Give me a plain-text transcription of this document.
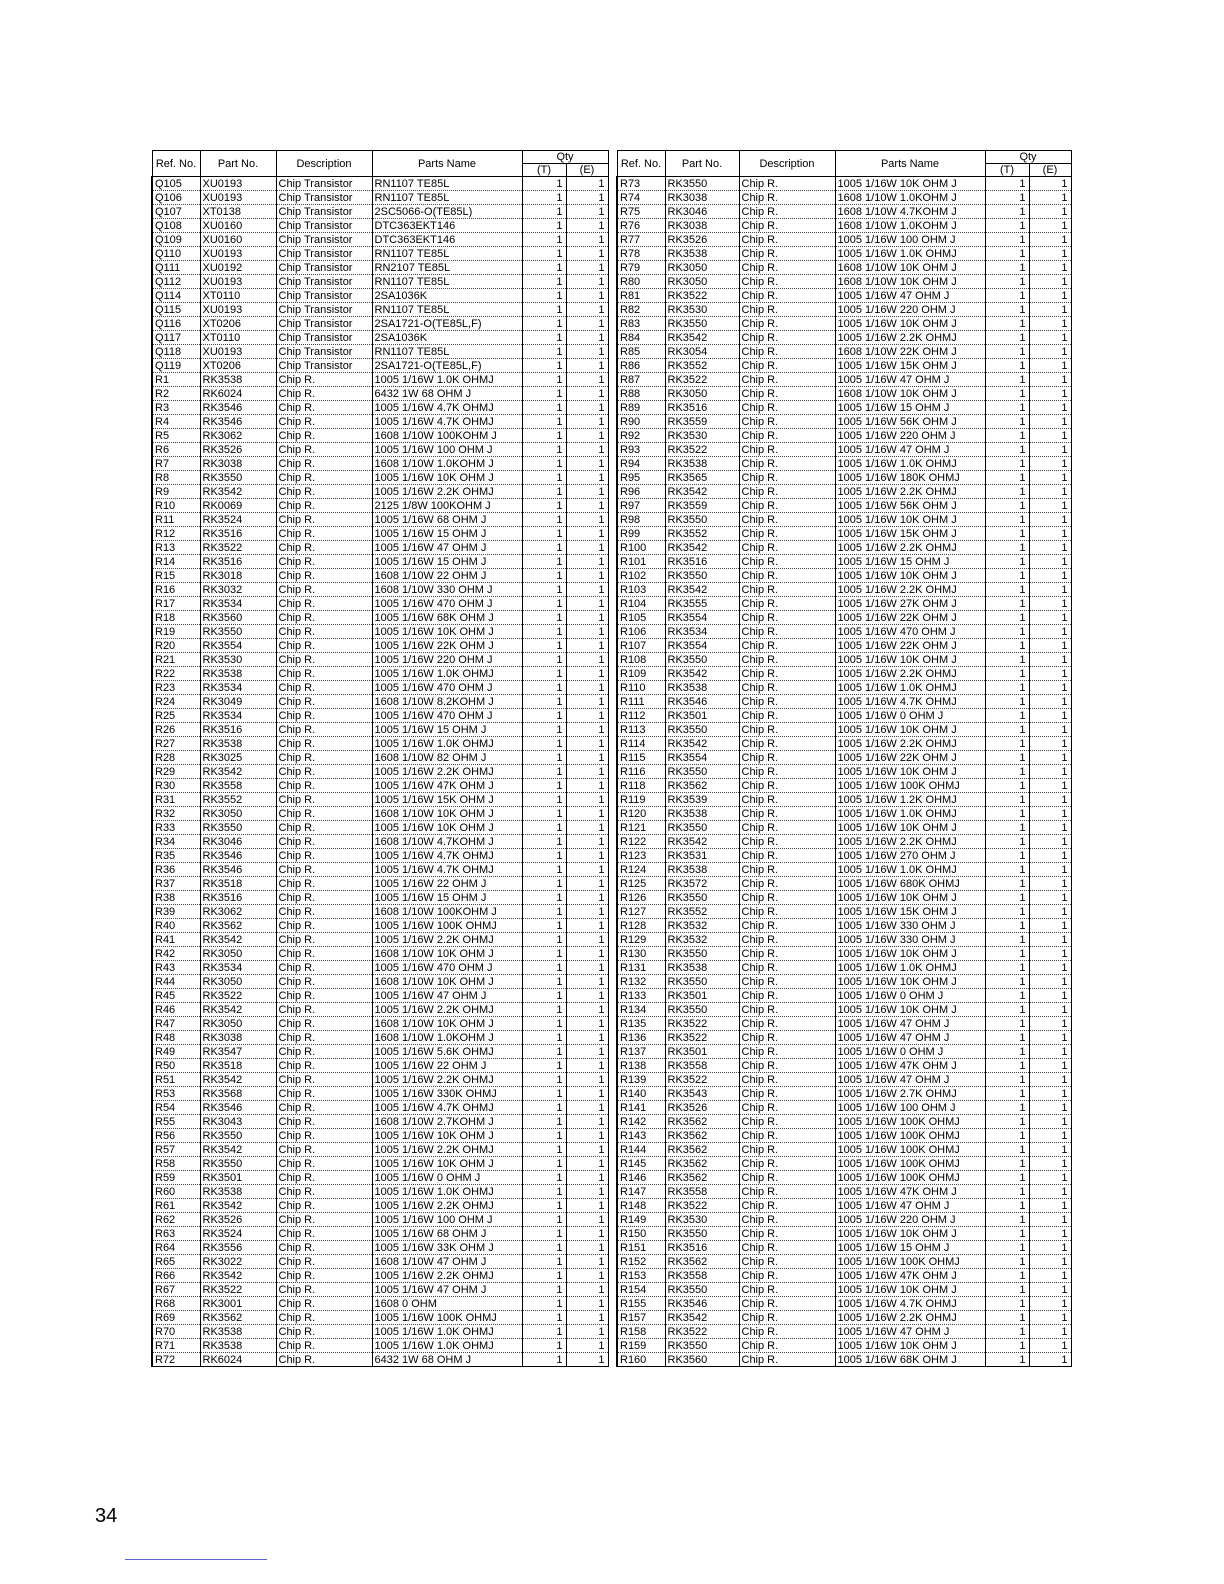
Ref. No.	Part No.	Description	Parts Name	Qty	
				(T)	(E)
Q105	XU0193	Chip Transistor	RN1107 TE85L	1	1
Q106	XU0193	Chip Transistor	RN1107 TE85L	1	1
Q107	XT0138	Chip Transistor	2SC5066-O(TE85L)	1	1
Q108	XU0160	Chip Transistor	DTC363EKT146	1	1
Q109	XU0160	Chip Transistor	DTC363EKT146	1	1
Q110	XU0193	Chip Transistor	RN1107 TE85L	1	1
Q111	XU0192	Chip Transistor	RN2107 TE85L	1	1
Q112	XU0193	Chip Transistor	RN1107 TE85L	1	1
Q114	XT0110	Chip Transistor	2SA1036K	1	1
Q115	XU0193	Chip Transistor	RN1107 TE85L	1	1
Q116	XT0206	Chip Transistor	2SA1721-O(TE85L,F)	1	1
Q117	XT0110	Chip Transistor	2SA1036K	1	1
Q118	XU0193	Chip Transistor	RN1107 TE85L	1	1
Q119	XT0206	Chip Transistor	2SA1721-O(TE85L,F)	1	1
R1	RK3538	Chip R.	1005 1/16W 1.0K OHMJ	1	1
R2	RK6024	Chip R.	6432 1W 68 OHM J	1	1
R3	RK3546	Chip R.	1005 1/16W 4.7K OHMJ	1	1
R4	RK3546	Chip R.	1005 1/16W 4.7K OHMJ	1	1
R5	RK3062	Chip R.	1608 1/10W 100KOHM J	1	1
R6	RK3526	Chip R.	1005 1/16W 100 OHM J	1	1
R7	RK3038	Chip R.	1608 1/10W 1.0KOHM J	1	1
R8	RK3550	Chip R.	1005 1/16W 10K OHM J	1	1
R9	RK3542	Chip R.	1005 1/16W 2.2K OHMJ	1	1
R10	RK0069	Chip R.	2125 1/8W 100KOHM J	1	1
R11	RK3524	Chip R.	1005 1/16W 68 OHM J	1	1
R12	RK3516	Chip R.	1005 1/16W 15 OHM J	1	1
R13	RK3522	Chip R.	1005 1/16W 47 OHM J	1	1
R14	RK3516	Chip R.	1005 1/16W 15 OHM J	1	1
R15	RK3018	Chip R.	1608 1/10W 22 OHM J	1	1
R16	RK3032	Chip R.	1608 1/10W 330 OHM J	1	1
R17	RK3534	Chip R.	1005 1/16W 470 OHM J	1	1
R18	RK3560	Chip R.	1005 1/16W 68K OHM J	1	1
R19	RK3550	Chip R.	1005 1/16W 10K OHM J	1	1
R20	RK3554	Chip R.	1005 1/16W 22K OHM J	1	1
R21	RK3530	Chip R.	1005 1/16W 220 OHM J	1	1
R22	RK3538	Chip R.	1005 1/16W 1.0K OHMJ	1	1
R23	RK3534	Chip R.	1005 1/16W 470 OHM J	1	1
R24	RK3049	Chip R.	1608 1/10W 8.2KOHM J	1	1
R25	RK3534	Chip R.	1005 1/16W 470 OHM J	1	1
R26	RK3516	Chip R.	1005 1/16W 15 OHM J	1	1
R27	RK3538	Chip R.	1005 1/16W 1.0K OHMJ	1	1
R28	RK3025	Chip R.	1608 1/10W 82 OHM J	1	1
R29	RK3542	Chip R.	1005 1/16W 2.2K OHMJ	1	1
R30	RK3558	Chip R.	1005 1/16W 47K OHM J	1	1
R31	RK3552	Chip R.	1005 1/16W 15K OHM J	1	1
R32	RK3050	Chip R.	1608 1/10W 10K OHM J	1	1
R33	RK3550	Chip R.	1005 1/16W 10K OHM J	1	1
R34	RK3046	Chip R.	1608 1/10W 4.7KOHM J	1	1
R35	RK3546	Chip R.	1005 1/16W 4.7K OHMJ	1	1
R36	RK3546	Chip R.	1005 1/16W 4.7K OHMJ	1	1
R37	RK3518	Chip R.	1005 1/16W 22 OHM J	1	1
R38	RK3516	Chip R.	1005 1/16W 15 OHM J	1	1
R39	RK3062	Chip R.	1608 1/10W 100KOHM J	1	1
R40	RK3562	Chip R.	1005 1/16W 100K OHMJ	1	1
R41	RK3542	Chip R.	1005 1/16W 2.2K OHMJ	1	1
R42	RK3050	Chip R.	1608 1/10W 10K OHM J	1	1
R43	RK3534	Chip R.	1005 1/16W 470 OHM J	1	1
R44	RK3050	Chip R.	1608 1/10W 10K OHM J	1	1
R45	RK3522	Chip R.	1005 1/16W 47 OHM J	1	1
R46	RK3542	Chip R.	1005 1/16W 2.2K OHMJ	1	1
R47	RK3050	Chip R.	1608 1/10W 10K OHM J	1	1
R48	RK3038	Chip R.	1608 1/10W 1.0KOHM J	1	1
R49	RK3547	Chip R.	1005 1/16W 5.6K OHMJ	1	1
R50	RK3518	Chip R.	1005 1/16W 22 OHM J	1	1
R51	RK3542	Chip R.	1005 1/16W 2.2K OHMJ	1	1
R53	RK3568	Chip R.	1005 1/16W 330K OHMJ	1	1
R54	RK3546	Chip R.	1005 1/16W 4.7K OHMJ	1	1
R55	RK3043	Chip R.	1608 1/10W 2.7KOHM J	1	1
R56	RK3550	Chip R.	1005 1/16W 10K OHM J	1	1
R57	RK3542	Chip R.	1005 1/16W 2.2K OHMJ	1	1
R58	RK3550	Chip R.	1005 1/16W 10K OHM J	1	1
R59	RK3501	Chip R.	1005 1/16W 0 OHM J	1	1
R60	RK3538	Chip R.	1005 1/16W 1.0K OHMJ	1	1
R61	RK3542	Chip R.	1005 1/16W 2.2K OHMJ	1	1
R62	RK3526	Chip R.	1005 1/16W 100 OHM J	1	1
R63	RK3524	Chip R.	1005 1/16W 68 OHM J	1	1
R64	RK3556	Chip R.	1005 1/16W 33K OHM J	1	1
R65	RK3022	Chip R.	1608 1/10W 47 OHM J	1	1
R66	RK3542	Chip R.	1005 1/16W 2.2K OHMJ	1	1
R67	RK3522	Chip R.	1005 1/16W 47 OHM J	1	1
R68	RK3001	Chip R.	1608 0 OHM	1	1
R69	RK3562	Chip R.	1005 1/16W 100K OHMJ	1	1
R70	RK3538	Chip R.	1005 1/16W 1.0K OHMJ	1	1
R71	RK3538	Chip R.	1005 1/16W 1.0K OHMJ	1	1
R72	RK6024	Chip R.	6432 1W 68 OHM J	1	1
Ref. No.	Part No.	Description	Parts Name	Qty	
				(T)	(E)
R73	RK3550	Chip R.	1005 1/16W 10K OHM J	1	1
R74	RK3038	Chip R.	1608 1/10W 1.0KOHM J	1	1
R75	RK3046	Chip R.	1608 1/10W 4.7KOHM J	1	1
R76	RK3038	Chip R.	1608 1/10W 1.0KOHM J	1	1
R77	RK3526	Chip R.	1005 1/16W 100 OHM J	1	1
R78	RK3538	Chip R.	1005 1/16W 1.0K OHMJ	1	1
R79	RK3050	Chip R.	1608 1/10W 10K OHM J	1	1
R80	RK3050	Chip R.	1608 1/10W 10K OHM J	1	1
R81	RK3522	Chip R.	1005 1/16W 47 OHM J	1	1
R82	RK3530	Chip R.	1005 1/16W 220 OHM J	1	1
R83	RK3550	Chip R.	1005 1/16W 10K OHM J	1	1
R84	RK3542	Chip R.	1005 1/16W 2.2K OHMJ	1	1
R85	RK3054	Chip R.	1608 1/10W 22K OHM J	1	1
R86	RK3552	Chip R.	1005 1/16W 15K OHM J	1	1
R87	RK3522	Chip R.	1005 1/16W 47 OHM J	1	1
R88	RK3050	Chip R.	1608 1/10W 10K OHM J	1	1
R89	RK3516	Chip R.	1005 1/16W 15 OHM J	1	1
R90	RK3559	Chip R.	1005 1/16W 56K OHM J	1	1
R92	RK3530	Chip R.	1005 1/16W 220 OHM J	1	1
R93	RK3522	Chip R.	1005 1/16W 47 OHM J	1	1
R94	RK3538	Chip R.	1005 1/16W 1.0K OHMJ	1	1
R95	RK3565	Chip R.	1005 1/16W 180K OHMJ	1	1
R96	RK3542	Chip R.	1005 1/16W 2.2K OHMJ	1	1
R97	RK3559	Chip R.	1005 1/16W 56K OHM J	1	1
R98	RK3550	Chip R.	1005 1/16W 10K OHM J	1	1
R99	RK3552	Chip R.	1005 1/16W 15K OHM J	1	1
R100	RK3542	Chip R.	1005 1/16W 2.2K OHMJ	1	1
R101	RK3516	Chip R.	1005 1/16W 15 OHM J	1	1
R102	RK3550	Chip R.	1005 1/16W 10K OHM J	1	1
R103	RK3542	Chip R.	1005 1/16W 2.2K OHMJ	1	1
R104	RK3555	Chip R.	1005 1/16W 27K OHM J	1	1
R105	RK3554	Chip R.	1005 1/16W 22K OHM J	1	1
R106	RK3534	Chip R.	1005 1/16W 470 OHM J	1	1
R107	RK3554	Chip R.	1005 1/16W 22K OHM J	1	1
R108	RK3550	Chip R.	1005 1/16W 10K OHM J	1	1
R109	RK3542	Chip R.	1005 1/16W 2.2K OHMJ	1	1
R110	RK3538	Chip R.	1005 1/16W 1.0K OHMJ	1	1
R111	RK3546	Chip R.	1005 1/16W 4.7K OHMJ	1	1
R112	RK3501	Chip R.	1005 1/16W 0 OHM J	1	1
R113	RK3550	Chip R.	1005 1/16W 10K OHM J	1	1
R114	RK3542	Chip R.	1005 1/16W 2.2K OHMJ	1	1
R115	RK3554	Chip R.	1005 1/16W 22K OHM J	1	1
R116	RK3550	Chip R.	1005 1/16W 10K OHM J	1	1
R118	RK3562	Chip R.	1005 1/16W 100K OHMJ	1	1
R119	RK3539	Chip R.	1005 1/16W 1.2K OHMJ	1	1
R120	RK3538	Chip R.	1005 1/16W 1.0K OHMJ	1	1
R121	RK3550	Chip R.	1005 1/16W 10K OHM J	1	1
R122	RK3542	Chip R.	1005 1/16W 2.2K OHMJ	1	1
R123	RK3531	Chip R.	1005 1/16W 270 OHM J	1	1
R124	RK3538	Chip R.	1005 1/16W 1.0K OHMJ	1	1
R125	RK3572	Chip R.	1005 1/16W 680K OHMJ	1	1
R126	RK3550	Chip R.	1005 1/16W 10K OHM J	1	1
R127	RK3552	Chip R.	1005 1/16W 15K OHM J	1	1
R128	RK3532	Chip R.	1005 1/16W 330 OHM J	1	1
R129	RK3532	Chip R.	1005 1/16W 330 OHM J	1	1
R130	RK3550	Chip R.	1005 1/16W 10K OHM J	1	1
R131	RK3538	Chip R.	1005 1/16W 1.0K OHMJ	1	1
R132	RK3550	Chip R.	1005 1/16W 10K OHM J	1	1
R133	RK3501	Chip R.	1005 1/16W 0 OHM J	1	1
R134	RK3550	Chip R.	1005 1/16W 10K OHM J	1	1
R135	RK3522	Chip R.	1005 1/16W 47 OHM J	1	1
R136	RK3522	Chip R.	1005 1/16W 47 OHM J	1	1
R137	RK3501	Chip R.	1005 1/16W 0 OHM J	1	1
R138	RK3558	Chip R.	1005 1/16W 47K OHM J	1	1
R139	RK3522	Chip R.	1005 1/16W 47 OHM J	1	1
R140	RK3543	Chip R.	1005 1/16W 2.7K OHMJ	1	1
R141	RK3526	Chip R.	1005 1/16W 100 OHM J	1	1
R142	RK3562	Chip R.	1005 1/16W 100K OHMJ	1	1
R143	RK3562	Chip R.	1005 1/16W 100K OHMJ	1	1
R144	RK3562	Chip R.	1005 1/16W 100K OHMJ	1	1
R145	RK3562	Chip R.	1005 1/16W 100K OHMJ	1	1
R146	RK3562	Chip R.	1005 1/16W 100K OHMJ	1	1
R147	RK3558	Chip R.	1005 1/16W 47K OHM J	1	1
R148	RK3522	Chip R.	1005 1/16W 47 OHM J	1	1
R149	RK3530	Chip R.	1005 1/16W 220 OHM J	1	1
R150	RK3550	Chip R.	1005 1/16W 10K OHM J	1	1
R151	RK3516	Chip R.	1005 1/16W 15 OHM J	1	1
R152	RK3562	Chip R.	1005 1/16W 100K OHMJ	1	1
R153	RK3558	Chip R.	1005 1/16W 47K OHM J	1	1
R154	RK3550	Chip R.	1005 1/16W 10K OHM J	1	1
R155	RK3546	Chip R.	1005 1/16W 4.7K OHMJ	1	1
R157	RK3542	Chip R.	1005 1/16W 2.2K OHMJ	1	1
R158	RK3522	Chip R.	1005 1/16W 47 OHM J	1	1
R159	RK3550	Chip R.	1005 1/16W 10K OHM J	1	1
R160	RK3560	Chip R.	1005 1/16W 68K OHM J	1	1
34
